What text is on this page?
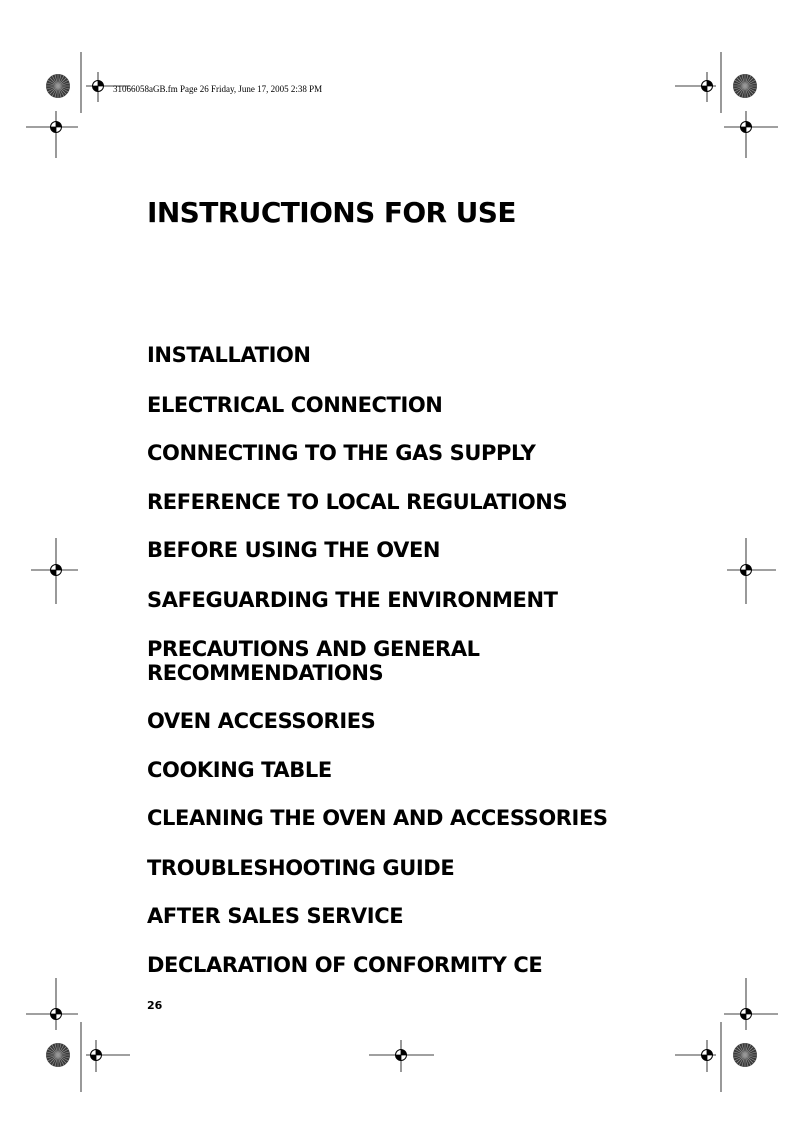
31066058aGB.fm Page 26 Friday, June 17, 2005 2:38 PM
INSTRUCTIONS FOR USE

INSTALLATION

ELECTRICAL CONNECTION

CONNECTING TO THE GAS SUPPLY

REFERENCE TO LOCAL REGULATIONS

BEFORE USING THE OVEN

SAFEGUARDING THE ENVIRONMENT

PRECAUTIONS AND GENERAL

RECOMMENDATIONS

OVEN ACCESSORIES

COOKING TABLE

CLEANING THE OVEN AND ACCESSORIES

TROUBLESHOOTING GUIDE

AFTER SALES SERVICE

DECLARATION OF CONFORMITY CE

26
